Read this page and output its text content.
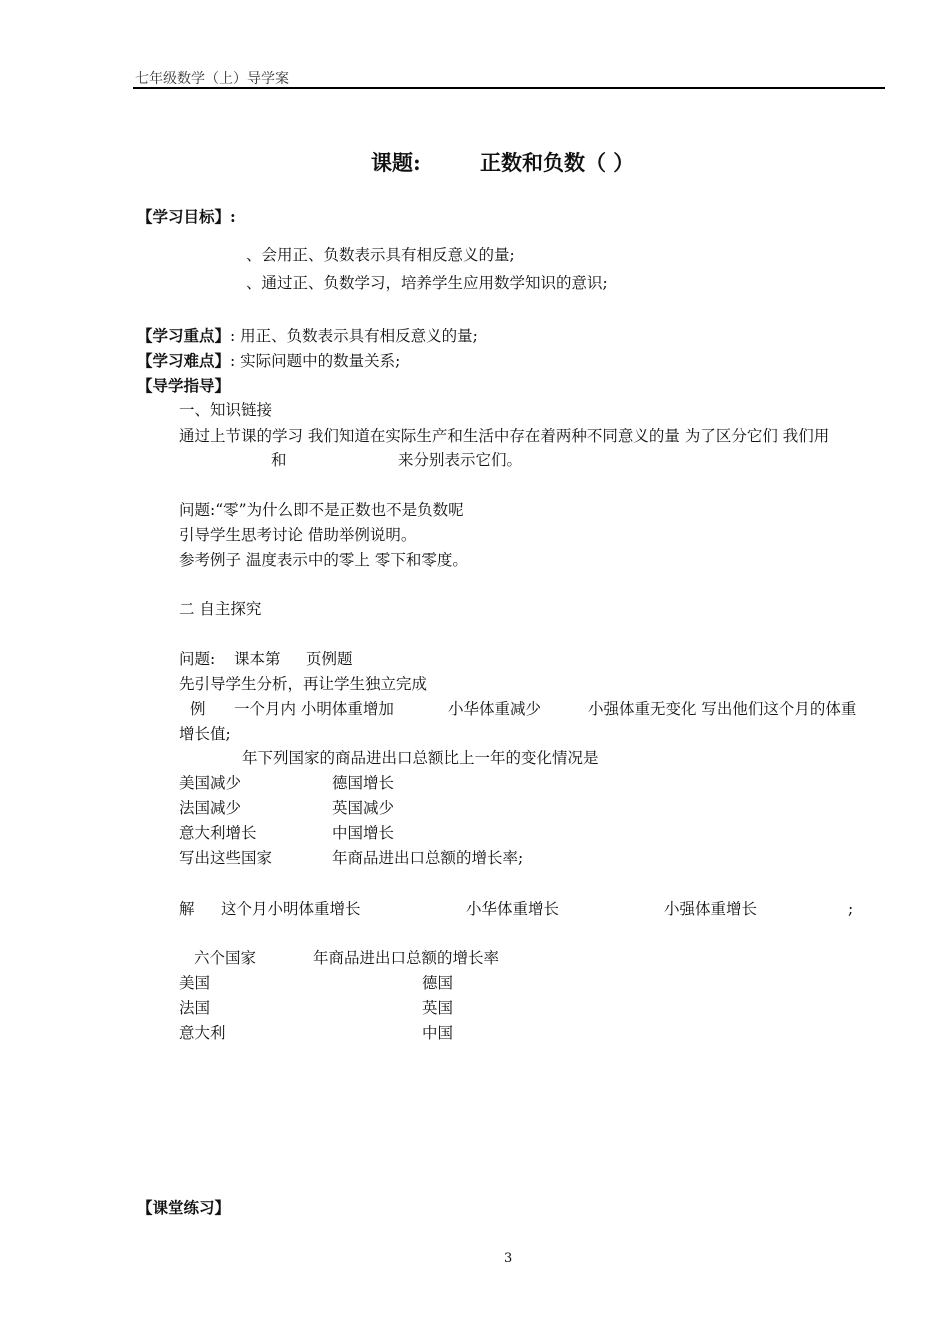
七年级数学（上）导学案
课题:	正数和负数（ ）
【学习目标】:
、会用正、负数表示具有相反意义的量;
、通过正、负数学习，培养学生应用数学知识的意识;
【学习重点】: 用正、负数表示具有相反意义的量;
【学习难点】: 实际问题中的数量关系;
【导学指导】
一、知识链接
通过上节课的学习 我们知道在实际生产和生活中存在着两种不同意义的量 为了区分它们 我们用
和	来分别表示它们。
问题:“零”为什么即不是正数也不是负数呢
引导学生思考讨论 借助举例说明。
参考例子 温度表示中的零上 零下和零度。
二 自主探究
问题: 课本第 页例题
先引导学生分析，再让学生独立完成
例 一个月内 小明体重增加	小华体重减少	小强体重无变化 写出他们这个月的体重
增长值;
年下列国家的商品进出口总额比上一年的变化情况是
美国减少	德国增长
法国减少	英国减少
意大利增长	中国增长
写出这些国家	年商品进出口总额的增长率;
解 这个月小明体重增长	小华体重增长	小强体重增长	;
六个国家	年商品进出口总额的增长率
美国	德国
法国	英国
意大利	中国
【课堂练习】
3
